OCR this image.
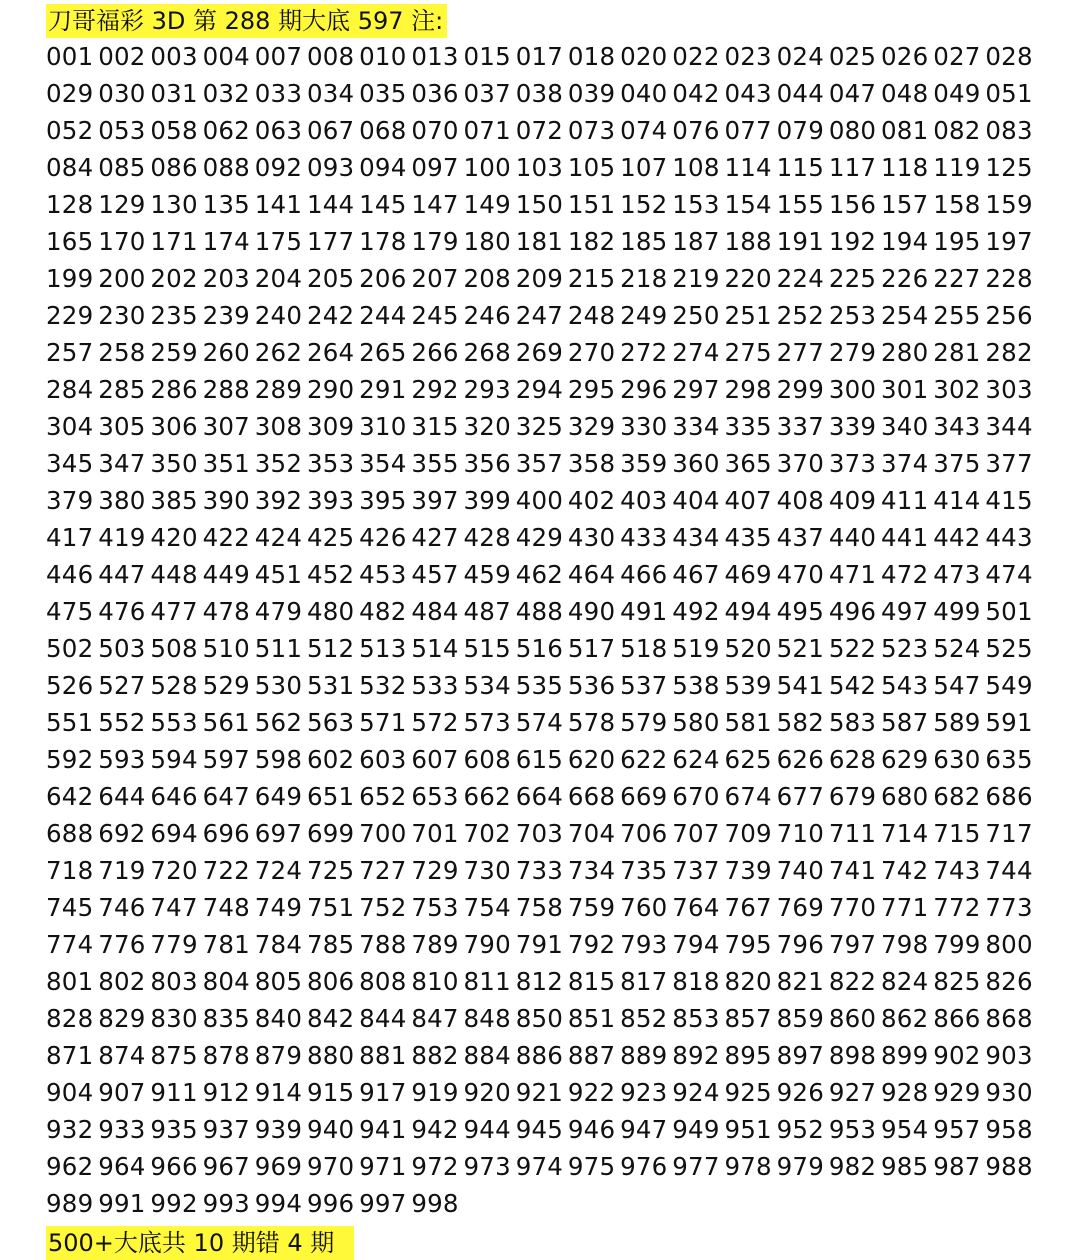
刀哥福彩 3D 第 288 期大底 597 注:
001 002 003 004 007 008 010 013 015 017 018 020 022 023 024 025 026 027 028
029 030 031 032 033 034 035 036 037 038 039 040 042 043 044 047 048 049 051
052 053 058 062 063 067 068 070 071 072 073 074 076 077 079 080 081 082 083
084 085 086 088 092 093 094 097 100 103 105 107 108 114 115 117 118 119 125
128 129 130 135 141 144 145 147 149 150 151 152 153 154 155 156 157 158 159
165 170 171 174 175 177 178 179 180 181 182 185 187 188 191 192 194 195 197
199 200 202 203 204 205 206 207 208 209 215 218 219 220 224 225 226 227 228
229 230 235 239 240 242 244 245 246 247 248 249 250 251 252 253 254 255 256
257 258 259 260 262 264 265 266 268 269 270 272 274 275 277 279 280 281 282
284 285 286 288 289 290 291 292 293 294 295 296 297 298 299 300 301 302 303
304 305 306 307 308 309 310 315 320 325 329 330 334 335 337 339 340 343 344
345 347 350 351 352 353 354 355 356 357 358 359 360 365 370 373 374 375 377
379 380 385 390 392 393 395 397 399 400 402 403 404 407 408 409 411 414 415
417 419 420 422 424 425 426 427 428 429 430 433 434 435 437 440 441 442 443
446 447 448 449 451 452 453 457 459 462 464 466 467 469 470 471 472 473 474
475 476 477 478 479 480 482 484 487 488 490 491 492 494 495 496 497 499 501
502 503 508 510 511 512 513 514 515 516 517 518 519 520 521 522 523 524 525
526 527 528 529 530 531 532 533 534 535 536 537 538 539 541 542 543 547 549
551 552 553 561 562 563 571 572 573 574 578 579 580 581 582 583 587 589 591
592 593 594 597 598 602 603 607 608 615 620 622 624 625 626 628 629 630 635
642 644 646 647 649 651 652 653 662 664 668 669 670 674 677 679 680 682 686
688 692 694 696 697 699 700 701 702 703 704 706 707 709 710 711 714 715 717
718 719 720 722 724 725 727 729 730 733 734 735 737 739 740 741 742 743 744
745 746 747 748 749 751 752 753 754 758 759 760 764 767 769 770 771 772 773
774 776 779 781 784 785 788 789 790 791 792 793 794 795 796 797 798 799 800
801 802 803 804 805 806 808 810 811 812 815 817 818 820 821 822 824 825 826
828 829 830 835 840 842 844 847 848 850 851 852 853 857 859 860 862 866 868
871 874 875 878 879 880 881 882 884 886 887 889 892 895 897 898 899 902 903
904 907 911 912 914 915 917 919 920 921 922 923 924 925 926 927 928 929 930
932 933 935 937 939 940 941 942 944 945 946 947 949 951 952 953 954 957 958
962 964 966 967 969 970 971 972 973 974 975 976 977 978 979 982 985 987 988
989 991 992 993 994 996 997 998
500+大底共 10 期错 4 期
